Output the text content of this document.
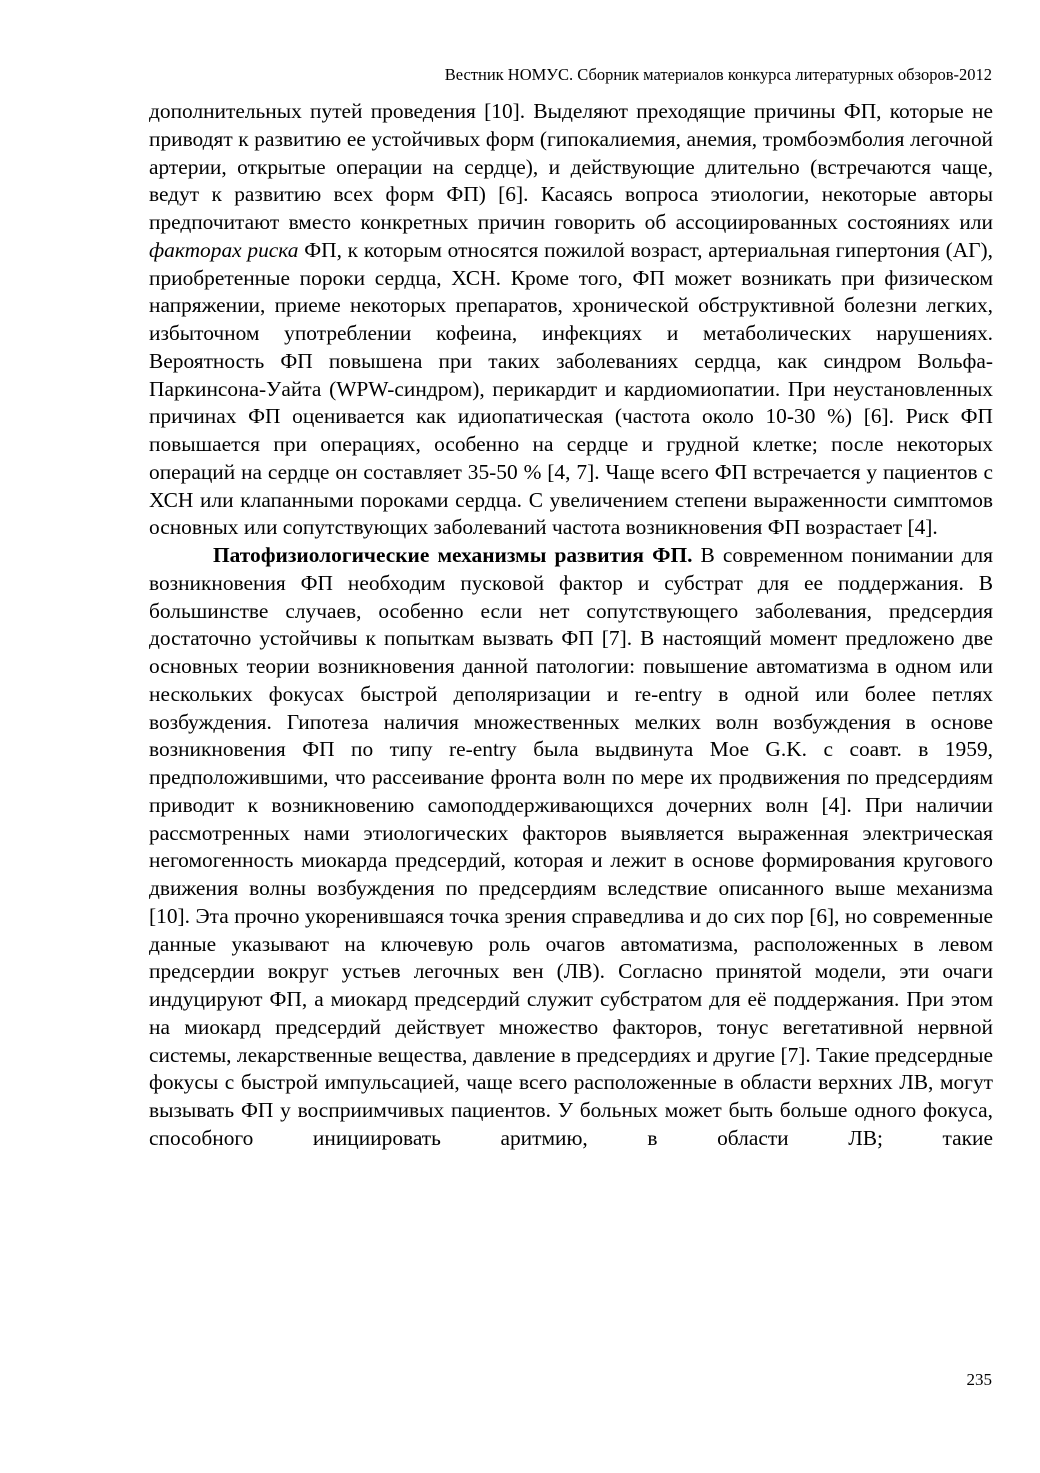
Вестник НОМУС. Сборник материалов конкурса литературных обзоров-2012

дополнительных путей проведения [10]. Выделяют преходящие причины ФП, которые не приводят к развитию ее устойчивых форм (гипокалиемия, анемия, тромбоэмболия легочной артерии, открытые операции на сердце), и действующие длительно (встречаются чаще, ведут к развитию всех форм ФП) [6]. Касаясь вопроса этиологии, некоторые авторы предпочитают вместо конкретных причин говорить об ассоциированных состояниях или факторах риска ФП, к которым относятся пожилой возраст, артериальная гипертония (АГ), приобретенные пороки сердца, ХСН. Кроме того, ФП может возникать при физическом напряжении, приеме некоторых препаратов, хронической обструктивной болезни легких, избыточном употреблении кофеина, инфекциях и метаболических нарушениях. Вероятность ФП повышена при таких заболеваниях сердца, как синдром Вольфа-Паркинсона-Уайта (WPW-синдром), перикардит и кардиомиопатии. При неустановленных причинах ФП оценивается как идиопатическая (частота около 10-30 %) [6]. Риск ФП повышается при операциях, особенно на сердце и грудной клетке; после некоторых операций на сердце он составляет 35-50 % [4, 7]. Чаще всего ФП встречается у пациентов с ХСН или клапанными пороками сердца. С увеличением степени выраженности симптомов основных или сопутствующих заболеваний частота возникновения ФП возрастает [4].

Патофизиологические механизмы развития ФП. В современном понимании для возникновения ФП необходим пусковой фактор и субстрат для ее поддержания. В большинстве случаев, особенно если нет сопутствующего заболевания, предсердия достаточно устойчивы к попыткам вызвать ФП [7]. В настоящий момент предложено две основных теории возникновения данной патологии: повышение автоматизма в одном или нескольких фокусах быстрой деполяризации и re-entry в одной или более петлях возбуждения. Гипотеза наличия множественных мелких волн возбуждения в основе возникновения ФП по типу re-entry была выдвинута Moe G.K. с соавт. в 1959, предположившими, что рассеивание фронта волн по мере их продвижения по предсердиям приводит к возникновению самоподдерживающихся дочерних волн [4]. При наличии рассмотренных нами этиологических факторов выявляется выраженная электрическая негомогенность миокарда предсердий, которая и лежит в основе формирования кругового движения волны возбуждения по предсердиям вследствие описанного выше механизма [10]. Эта прочно укоренившаяся точка зрения справедлива и до сих пор [6], но современные данные указывают на ключевую роль очагов автоматизма, расположенных в левом предсердии вокруг устьев легочных вен (ЛВ). Согласно принятой модели, эти очаги индуцируют ФП, а миокард предсердий служит субстратом для её поддержания. При этом на миокард предсердий действует множество факторов, тонус вегетативной нервной системы, лекарственные вещества, давление в предсердиях и другие [7]. Такие предсердные фокусы с быстрой импульсацией, чаще всего расположенные в области верхних ЛВ, могут вызывать ФП у восприимчивых пациентов. У больных может быть больше одного фокуса, способного инициировать аритмию, в области ЛВ; такие

235
